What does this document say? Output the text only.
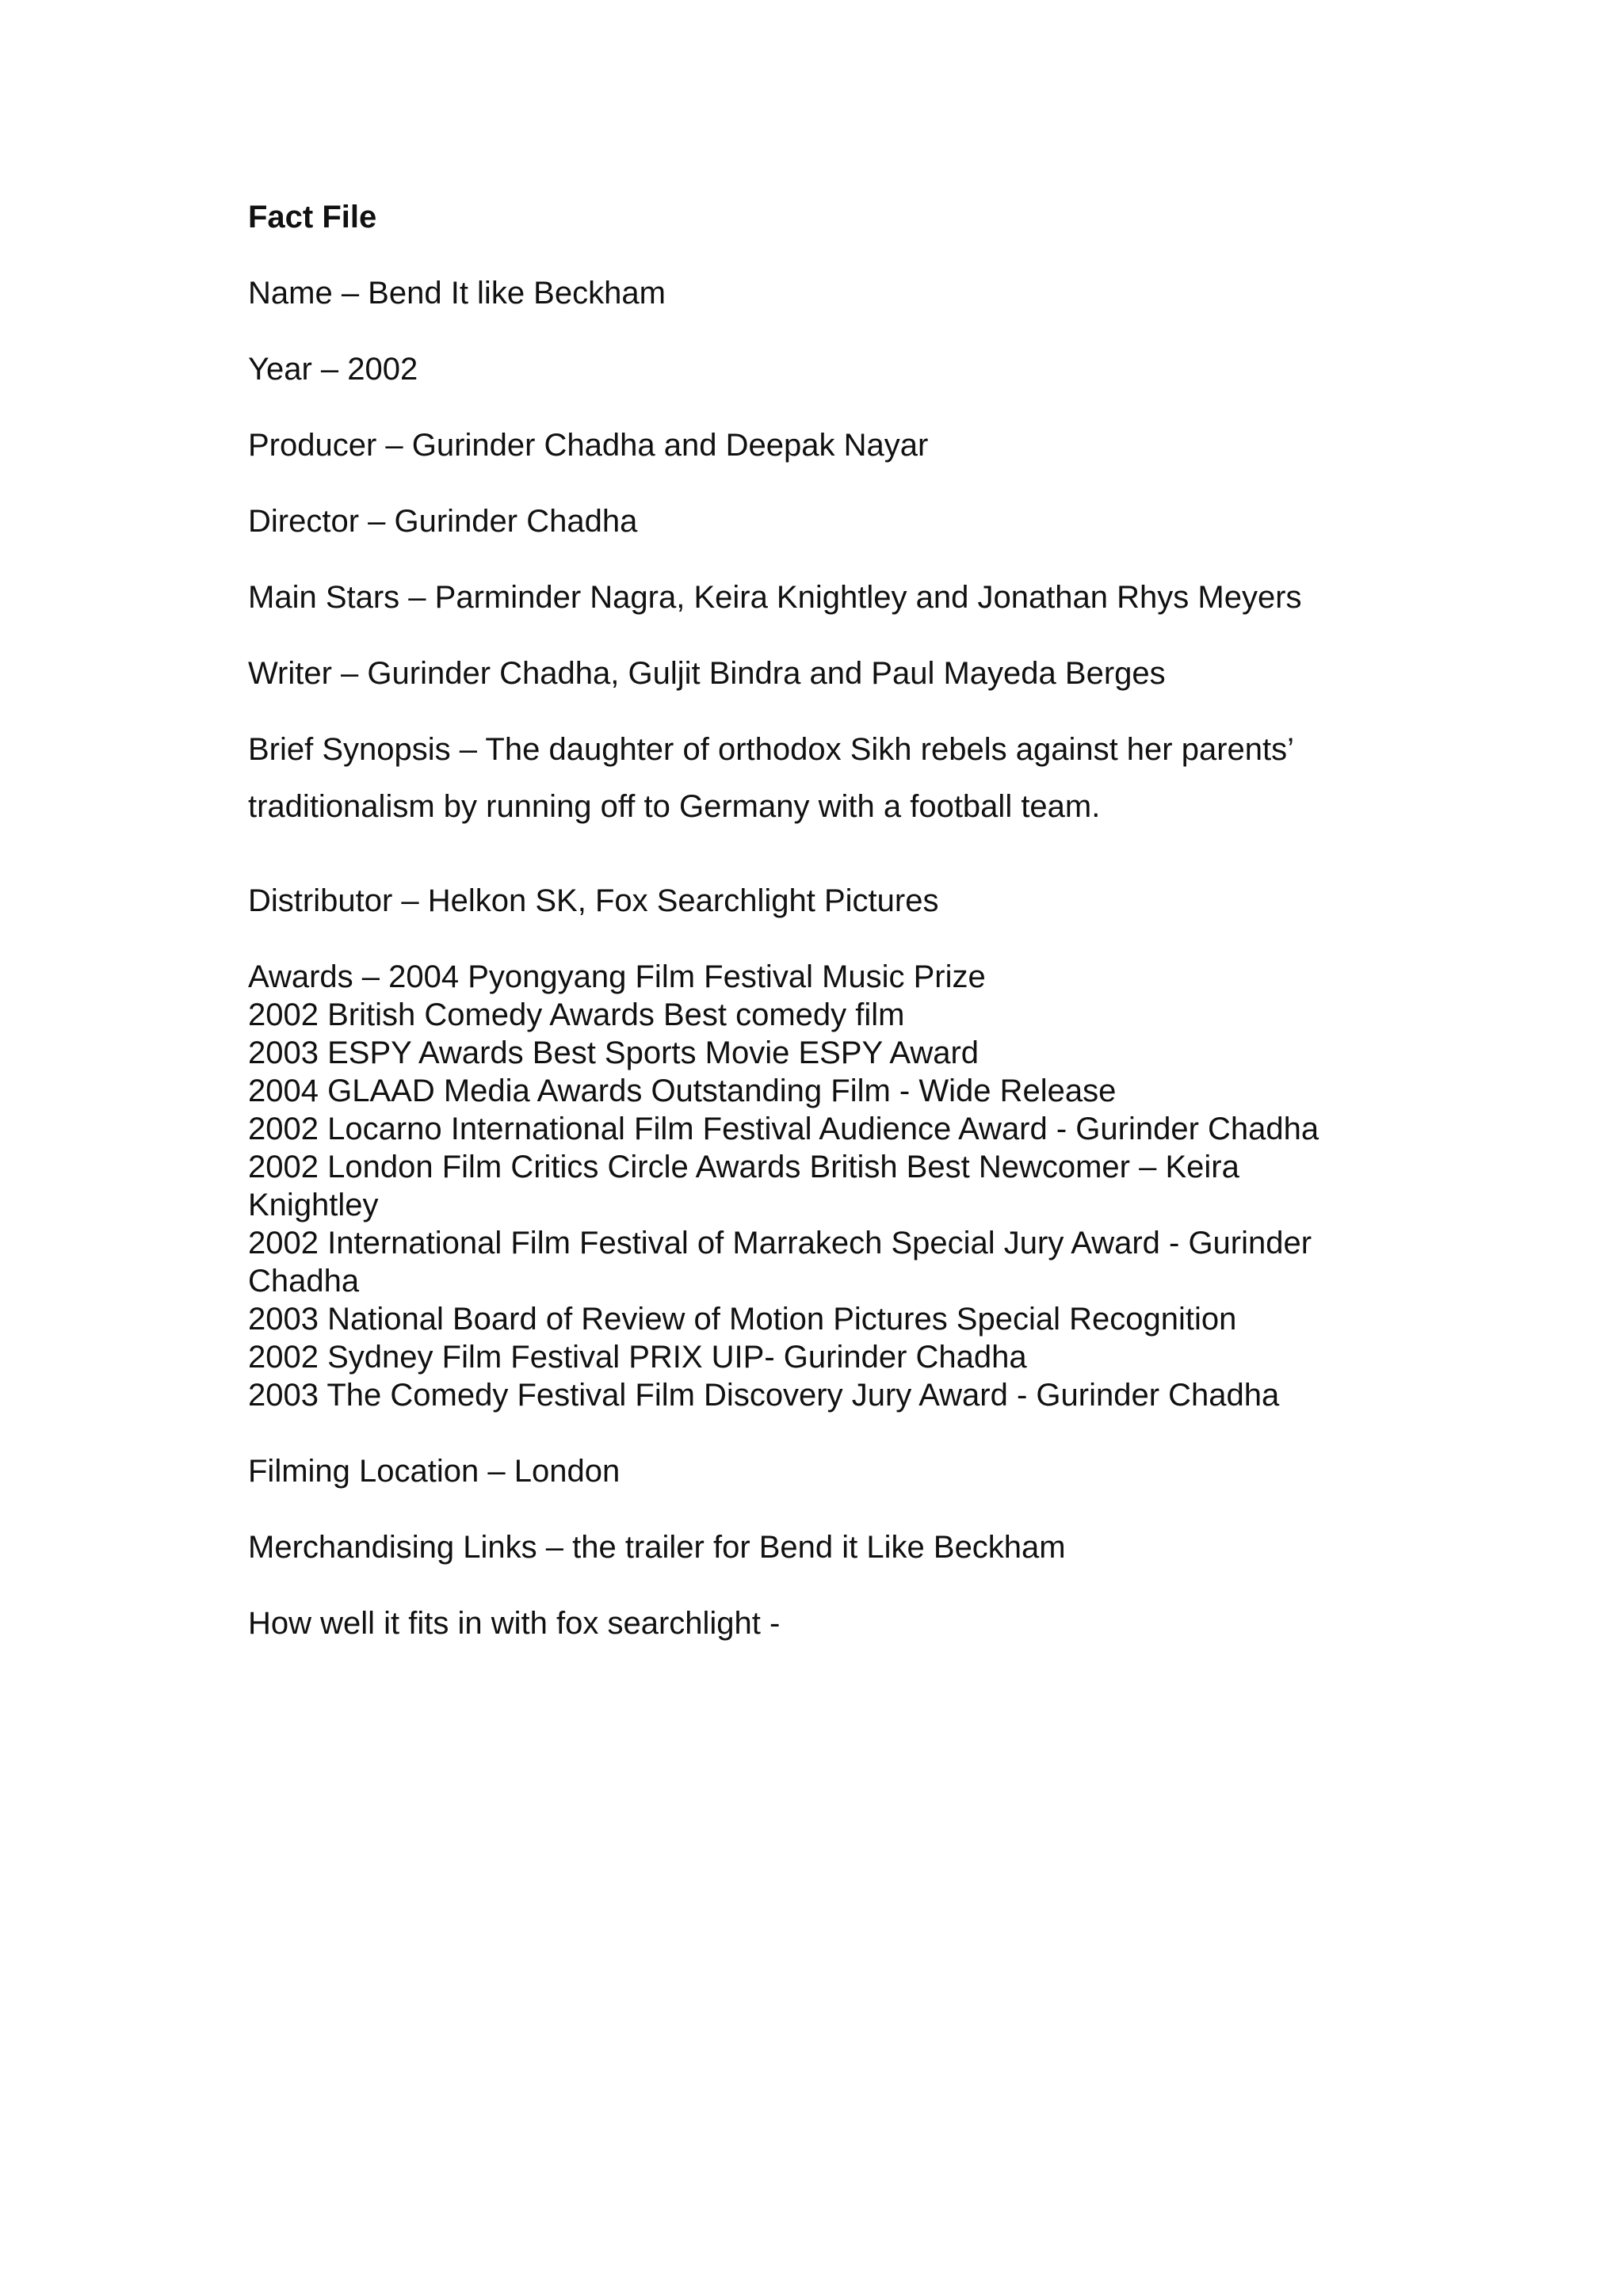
Fact File

Name – Bend It like Beckham

Year – 2002

Producer – Gurinder Chadha and Deepak Nayar

Director – Gurinder Chadha

Main Stars – Parminder Nagra, Keira Knightley and Jonathan Rhys Meyers

Writer – Gurinder Chadha, Guljit Bindra and Paul Mayeda Berges

Brief Synopsis – The daughter of orthodox Sikh rebels against her parents’

traditionalism by running off to Germany with a football team.

Distributor – Helkon SK, Fox Searchlight Pictures

Awards – 2004 Pyongyang Film Festival Music Prize

2002 British Comedy Awards Best comedy film

2003 ESPY Awards Best Sports Movie ESPY Award

2004 GLAAD Media Awards Outstanding Film - Wide Release

2002 Locarno International Film Festival Audience Award - Gurinder Chadha

2002 London Film Critics Circle Awards British Best Newcomer – Keira

Knightley

2002 International Film Festival of Marrakech Special Jury Award - Gurinder

Chadha

2003 National Board of Review of Motion Pictures Special Recognition

2002 Sydney Film Festival PRIX UIP- Gurinder Chadha

2003 The Comedy Festival Film Discovery Jury Award - Gurinder Chadha

Filming Location – London

Merchandising Links – the trailer for Bend it Like Beckham

How well it fits in with fox searchlight -
